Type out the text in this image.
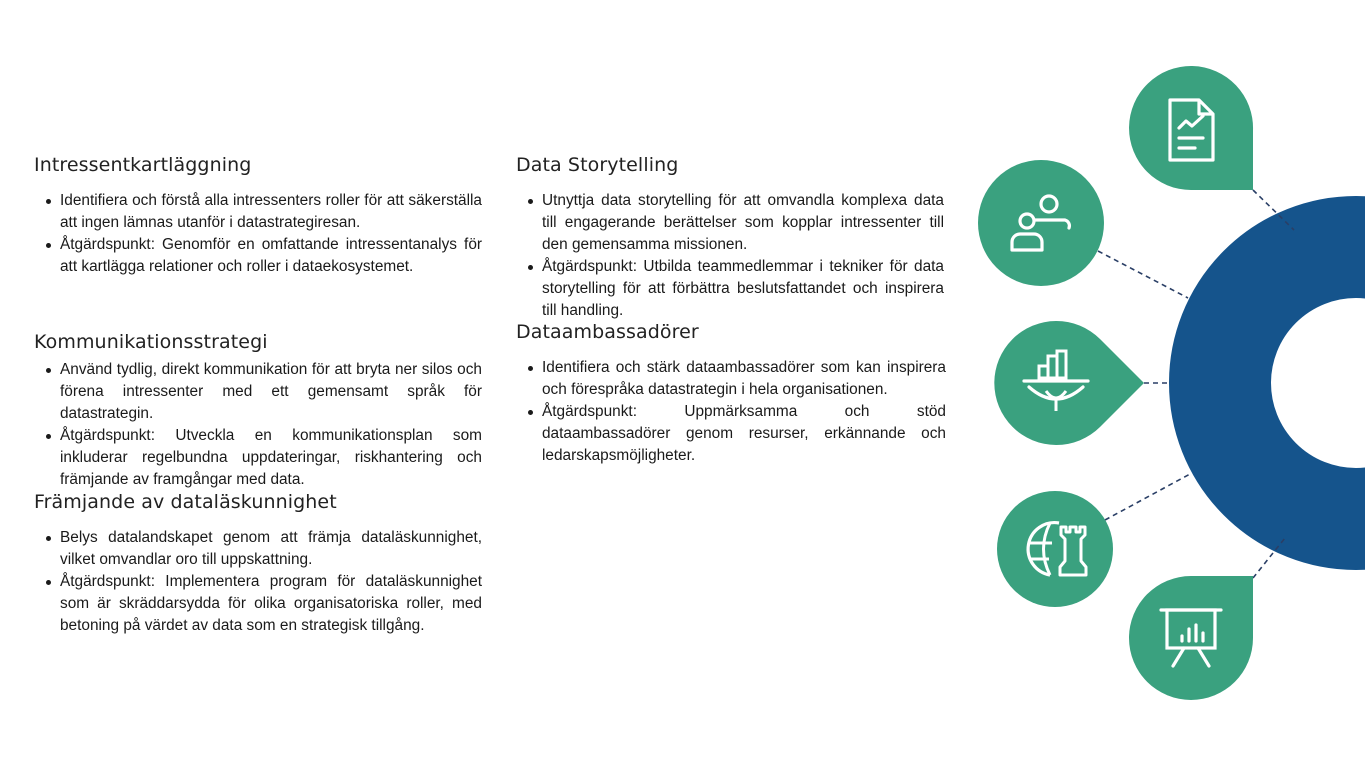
Intressentkartläggning
Identifiera och förstå alla intressenters roller för att säkerställa att ingen lämnas utanför i datastrategiresan.
Åtgärdspunkt: Genomför en omfattande intressentanalys för att kartlägga relationer och roller i dataekosystemet.
Kommunikationsstrategi
Använd tydlig, direkt kommunikation för att bryta ner silos och förena intressenter med ett gemensamt språk för datastrategin.
Åtgärdspunkt: Utveckla en kommunikationsplan som inkluderar regelbundna uppdateringar, riskhantering och främjande av framgångar med data.
Främjande av dataläskunnighet
Belys datalandskapet genom att främja dataläskunnighet, vilket omvandlar oro till uppskattning.
Åtgärdspunkt: Implementera program för dataläskunnighet som är skräddarsydda för olika organisatoriska roller, med betoning på värdet av data som en strategisk tillgång.
Data Storytelling
Utnyttja data storytelling för att omvandla komplexa data till engagerande berättelser som kopplar intressenter till den gemensamma missionen.
Åtgärdspunkt: Utbilda teammedlemmar i tekniker för data storytelling för att förbättra beslutsfattandet och inspirera till handling.
Dataambassadörer
Identifiera och stärk dataambassadörer som kan inspirera och förespråka datastrategin i hela organisationen.
Åtgärdspunkt: Uppmärksamma och stöd dataambassadörer genom resurser, erkännande och ledarskapsmöjligheter.
